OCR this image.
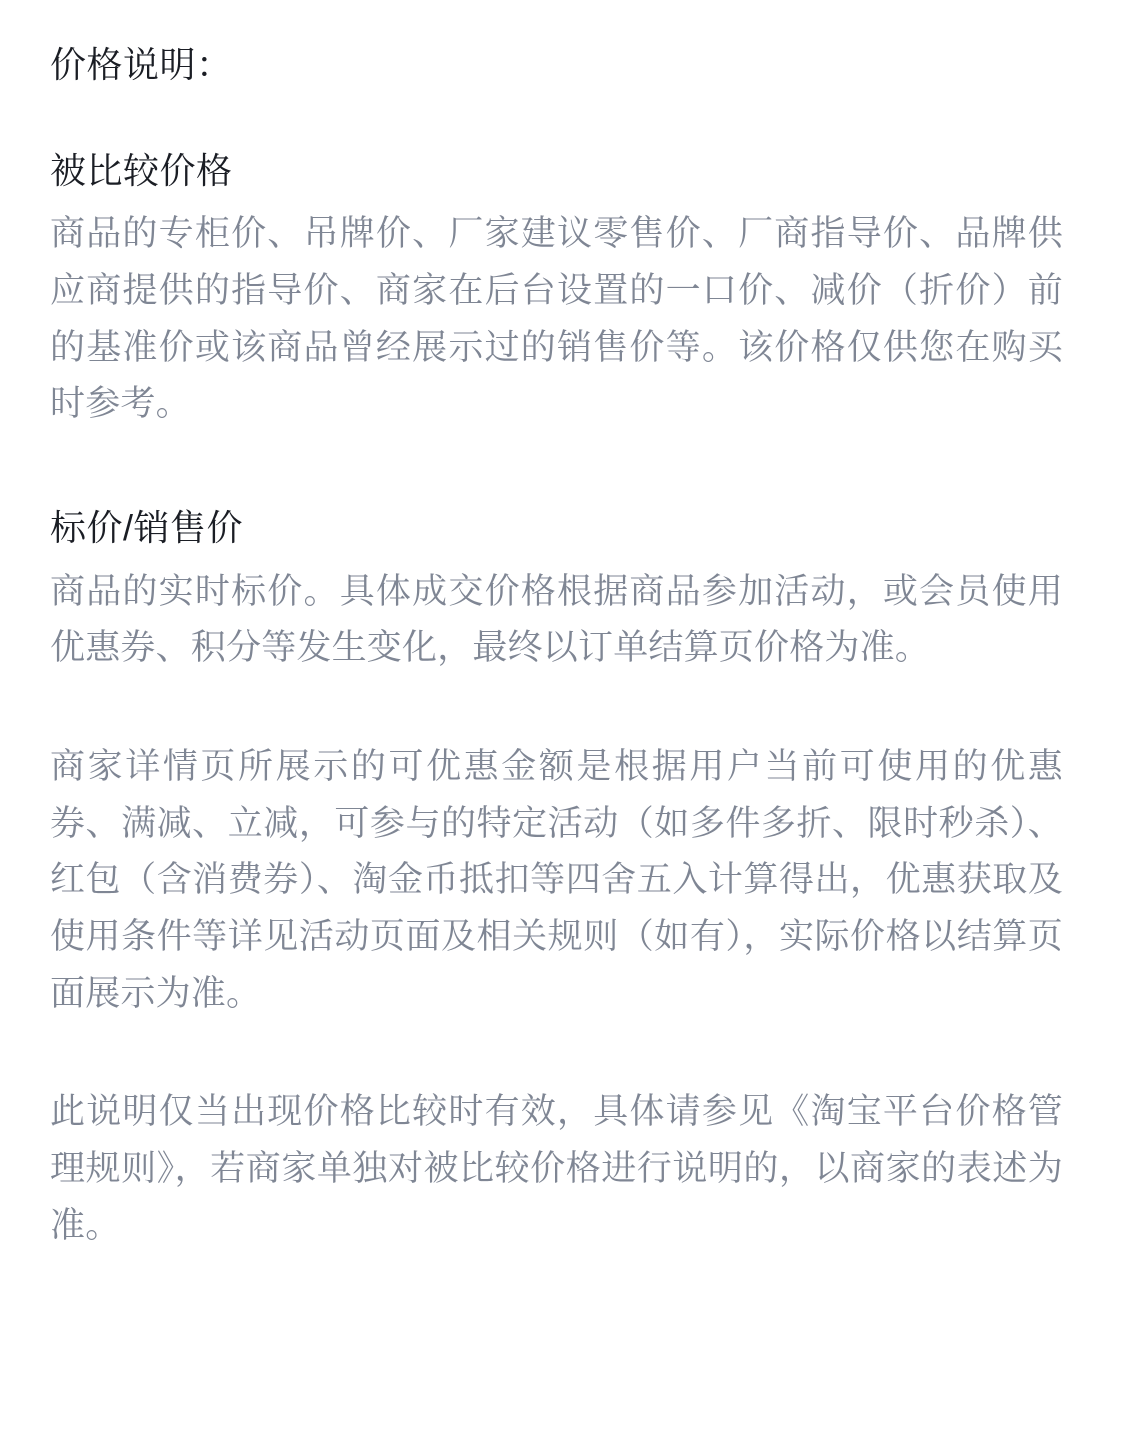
价格说明：
被比较价格

商品的专柜价、吊牌价、厂家建议零售价、厂商指导价、品牌供应商提供的指导价、商家在后台设置的一口价、减价（折价）前的基准价或该商品曾经展示过的销售价等。该价格仅供您在购买时参考。

标价/销售价

商品的实时标价。具体成交价格根据商品参加活动，或会员使用优惠券、积分等发生变化，最终以订单结算页价格为准。

商家详情页所展示的可优惠金额是根据用户当前可使用的优惠券、满减、立减，可参与的特定活动（如多件多折、限时秒杀）、红包（含消费券）、淘金币抵扣等四舍五入计算得出，优惠获取及使用条件等详见活动页面及相关规则（如有），实际价格以结算页面展示为准。

此说明仅当出现价格比较时有效，具体请参见《淘宝平台价格管理规则》，若商家单独对被比较价格进行说明的，以商家的表述为准。
